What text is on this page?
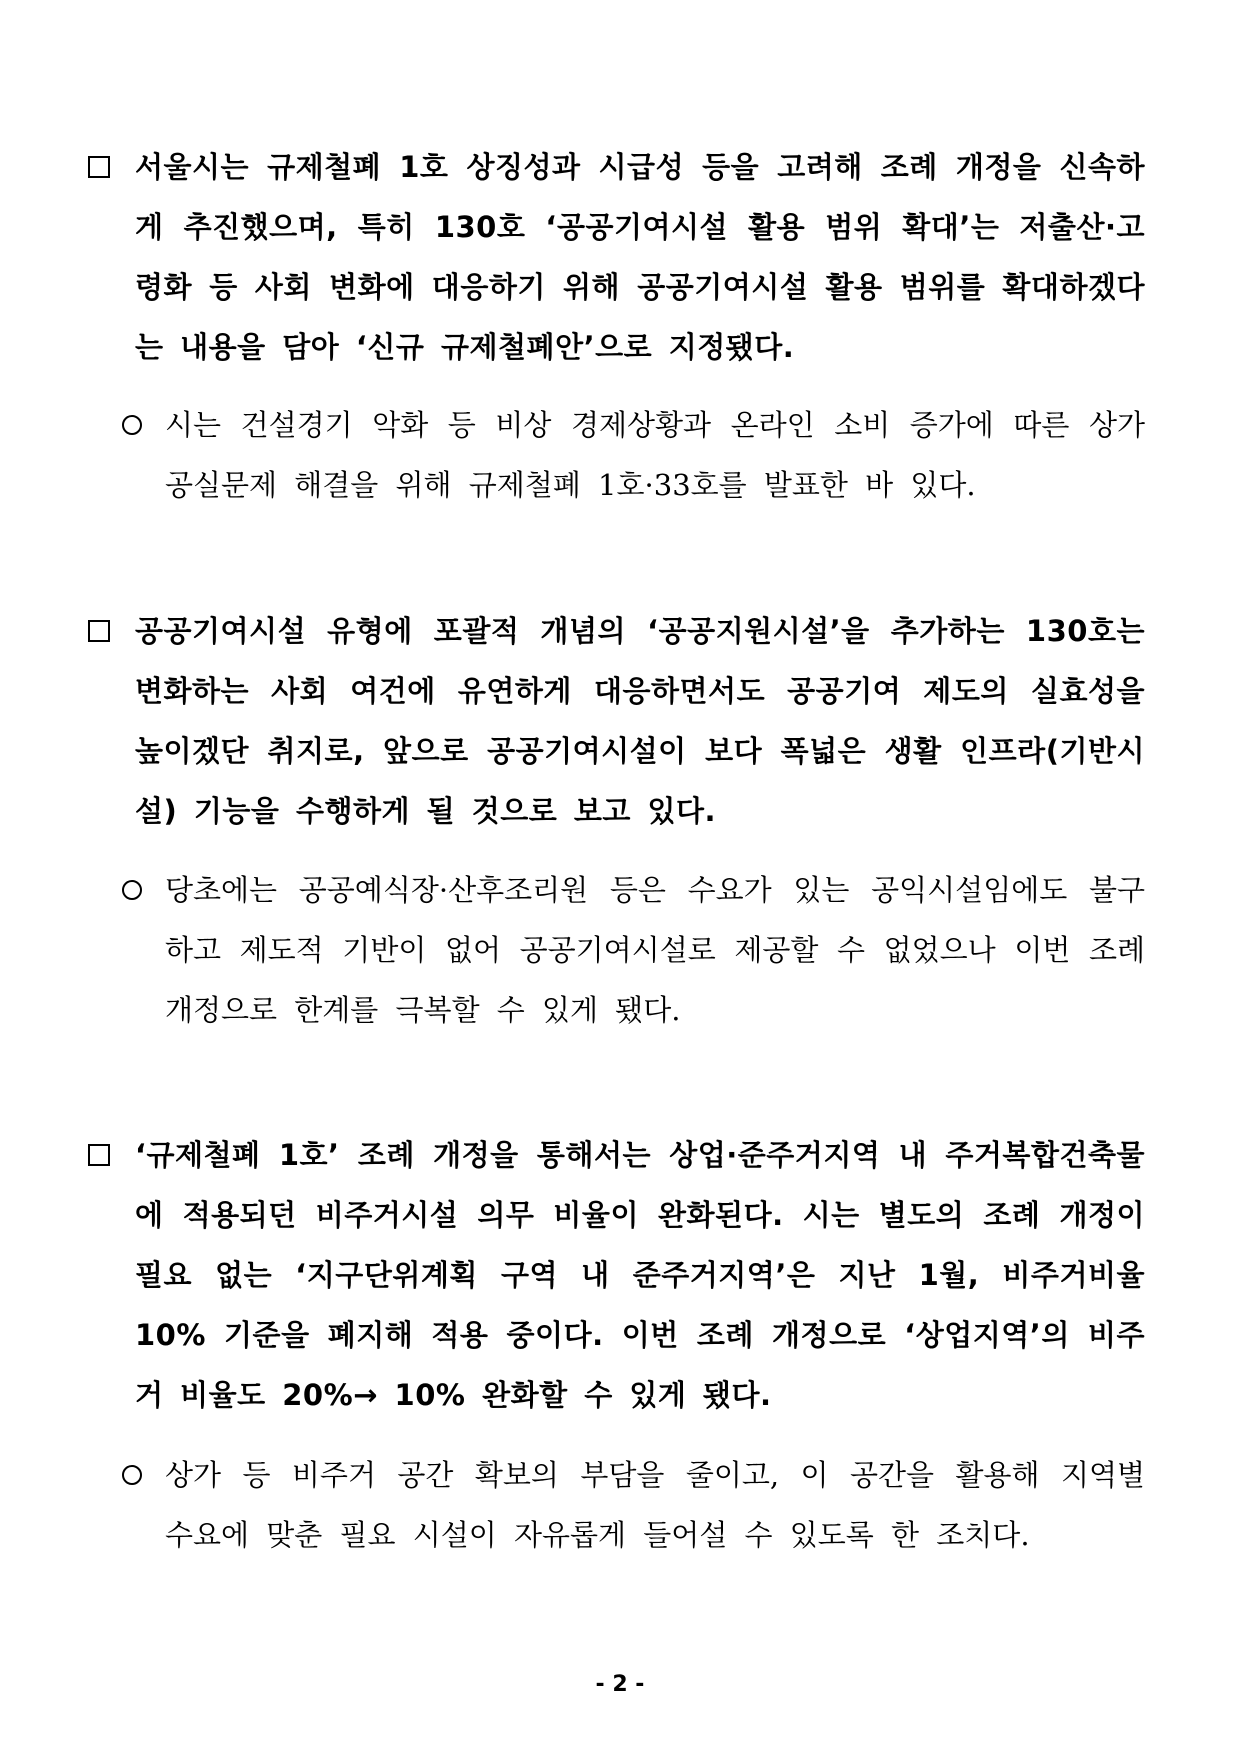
서울시는 규제철폐 1호 상징성과 시급성 등을 고려해 조례 개정을 신속하게 추진했으며, 특히 130호 ‘공공기여시설 활용 범위 확대’는 저출산·고령화 등 사회 변화에 대응하기 위해 공공기여시설 활용 범위를 확대하겠다는 내용을 담아 ‘신규 규제철폐안’으로 지정됐다.
시는 건설경기 악화 등 비상 경제상황과 온라인 소비 증가에 따른 상가 공실문제 해결을 위해 규제철폐 1호·33호를 발표한 바 있다.
공공기여시설 유형에 포괄적 개념의 ‘공공지원시설’을 추가하는 130호는 변화하는 사회 여건에 유연하게 대응하면서도 공공기여 제도의 실효성을 높이겠단 취지로, 앞으로 공공기여시설이 보다 폭넓은 생활 인프라(기반시설) 기능을 수행하게 될 것으로 보고 있다.
당초에는 공공예식장·산후조리원 등은 수요가 있는 공익시설임에도 불구하고 제도적 기반이 없어 공공기여시설로 제공할 수 없었으나 이번 조례 개정으로 한계를 극복할 수 있게 됐다.
‘규제철폐 1호’ 조례 개정을 통해서는 상업·준주거지역 내 주거복합건축물에 적용되던 비주거시설 의무 비율이 완화된다. 시는 별도의 조례 개정이 필요 없는 ‘지구단위계획 구역 내 준주거지역’은 지난 1월, 비주거비율 10% 기준을 폐지해 적용 중이다. 이번 조례 개정으로 ‘상업지역’의 비주거 비율도 20%→ 10% 완화할 수 있게 됐다.
상가 등 비주거 공간 확보의 부담을 줄이고, 이 공간을 활용해 지역별 수요에 맞춘 필요 시설이 자유롭게 들어설 수 있도록 한 조치다.
- 2 -
